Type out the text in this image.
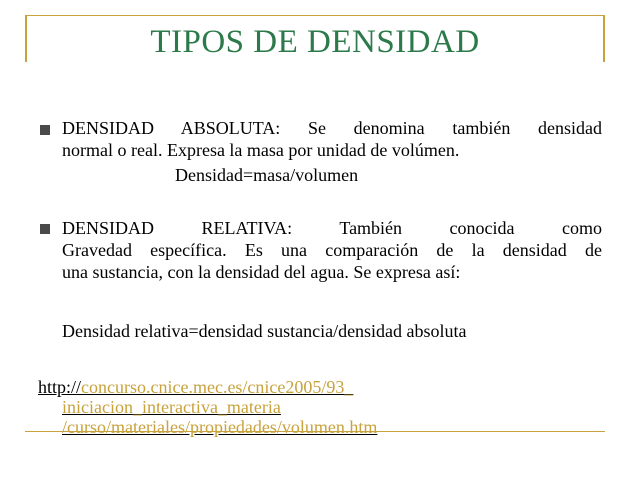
TIPOS DE DENSIDAD
DENSIDAD ABSOLUTA: Se denomina también densidad
normal o real. Expresa la masa por unidad de volúmen.
Densidad=masa/volumen
DENSIDAD RELATIVA: También conocida como
Gravedad específica. Es una comparación de la densidad de
una sustancia, con la densidad del agua. Se expresa así:
Densidad relativa=densidad sustancia/densidad absoluta
http://concurso.cnice.mec.es/cnice2005/93_
iniciacion_interactiva_materia
/curso/materiales/propiedades/volumen.htm
